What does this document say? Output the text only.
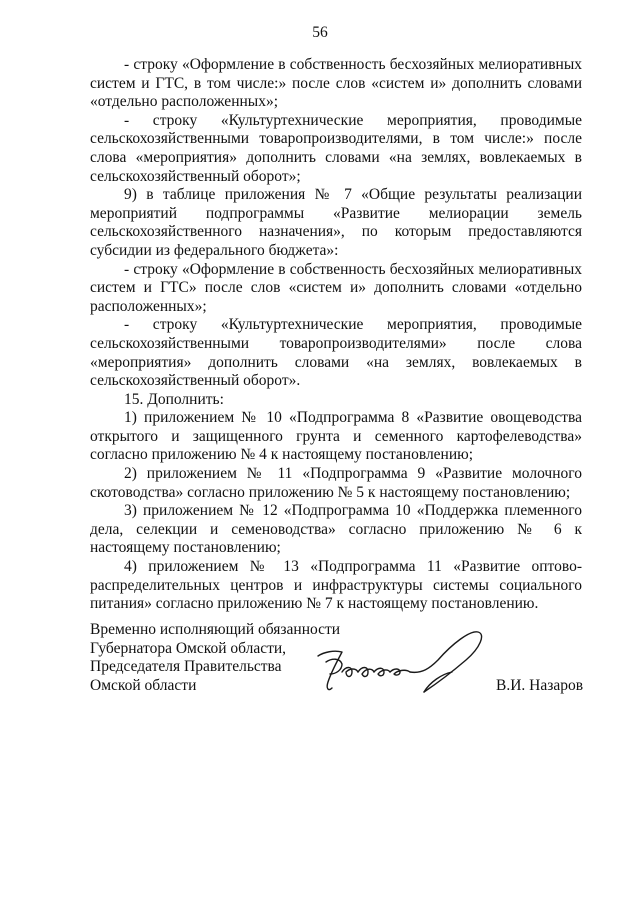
56

- строку «Оформление в собственность бесхозяйных мелиоративных систем и ГТС, в том числе:» после слов «систем и» дополнить словами «отдельно расположенных»;

- строку «Культуртехнические мероприятия, проводимые сельскохозяйственными товаропроизводителями, в том числе:» после слова «мероприятия» дополнить словами «на землях, вовлекаемых в сельскохозяйственный оборот»;

9) в таблице приложения № 7 «Общие результаты реализации мероприятий подпрограммы «Развитие мелиорации земель сельскохозяйственного назначения», по которым предоставляются субсидии из федерального бюджета»:

- строку «Оформление в собственность бесхозяйных мелиоративных систем и ГТС» после слов «систем и» дополнить словами «отдельно расположенных»;

- строку «Культуртехнические мероприятия, проводимые сельскохозяйственными товаропроизводителями» после слова «мероприятия» дополнить словами «на землях, вовлекаемых в сельскохозяйственный оборот».

15. Дополнить:

1) приложением № 10 «Подпрограмма 8 «Развитие овощеводства открытого и защищенного грунта и семенного картофелеводства» согласно приложению № 4 к настоящему постановлению;

2) приложением № 11 «Подпрограмма 9 «Развитие молочного скотоводства» согласно приложению № 5 к настоящему постановлению;

3) приложением № 12 «Подпрограмма 10 «Поддержка племенного дела, селекции и семеноводства» согласно приложению № 6 к настоящему постановлению;

4) приложением № 13 «Подпрограмма 11 «Развитие оптово-распределительных центров и инфраструктуры системы социального питания» согласно приложению № 7 к настоящему постановлению.

Временно исполняющий обязанности
Губернатора Омской области,
Председателя Правительства
Омской области	В.И. Назаров
